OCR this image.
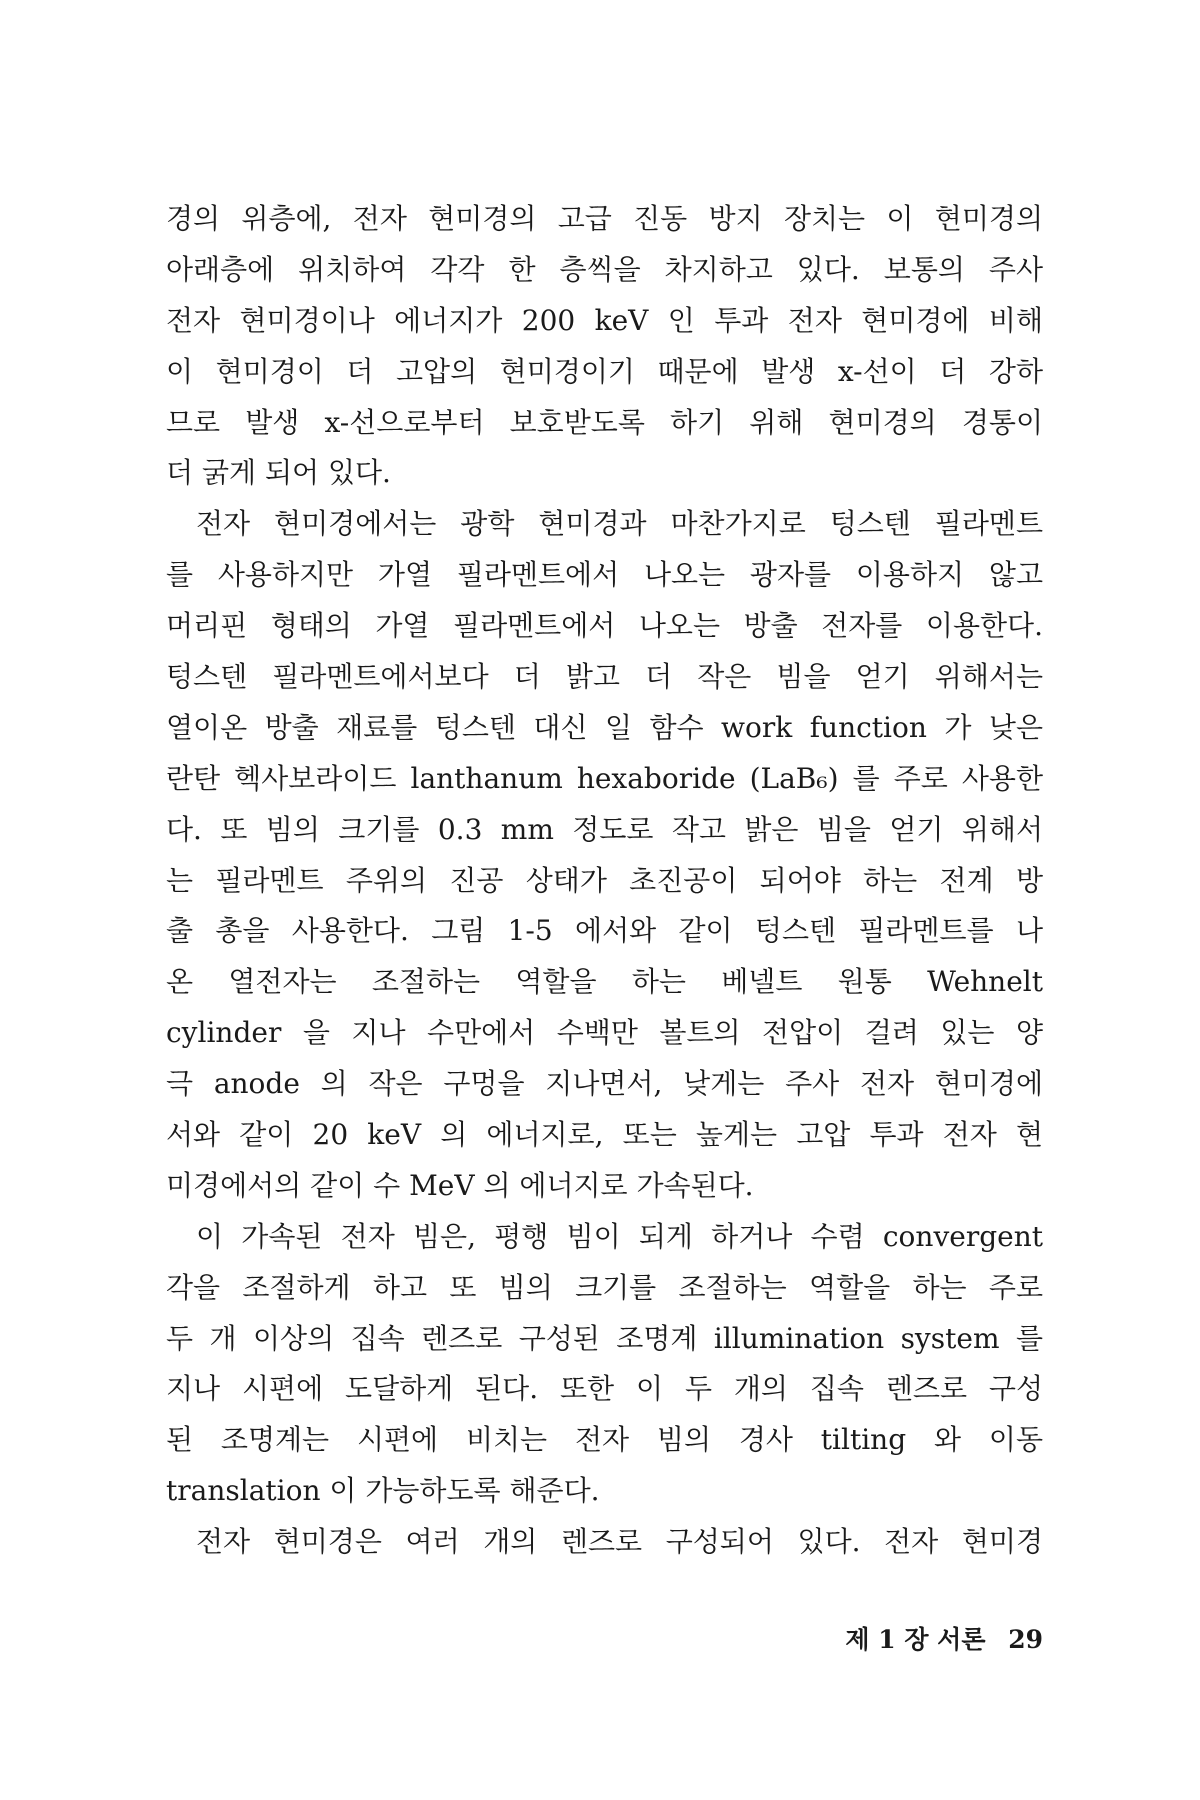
경의 위층에, 전자 현미경의 고급 진동 방지 장치는 이 현미경의
아래층에 위치하여 각각 한 층씩을 차지하고 있다. 보통의 주사
전자 현미경이나 에너지가 200 keV 인 투과 전자 현미경에 비해
이 현미경이 더 고압의 현미경이기 때문에 발생 x-선이 더 강하
므로 발생 x-선으로부터 보호받도록 하기 위해 현미경의 경통이
더 굵게 되어 있다.
전자 현미경에서는 광학 현미경과 마찬가지로 텅스텐 필라멘트
를 사용하지만 가열 필라멘트에서 나오는 광자를 이용하지 않고
머리핀 형태의 가열 필라멘트에서 나오는 방출 전자를 이용한다.
텅스텐 필라멘트에서보다 더 밝고 더 작은 빔을 얻기 위해서는
열이온 방출 재료를 텅스텐 대신 일 함수 work function 가 낮은
란탄 헥사보라이드 lanthanum hexaboride (LaB₆) 를 주로 사용한
다. 또 빔의 크기를 0.3 mm 정도로 작고 밝은 빔을 얻기 위해서
는 필라멘트 주위의 진공 상태가 초진공이 되어야 하는 전계 방
출 총을 사용한다. 그림 1-5 에서와 같이 텅스텐 필라멘트를 나
온 열전자는 조절하는 역할을 하는 베넬트 원통 Wehnelt
cylinder 을 지나 수만에서 수백만 볼트의 전압이 걸려 있는 양
극 anode 의 작은 구멍을 지나면서, 낮게는 주사 전자 현미경에
서와 같이 20 keV 의 에너지로, 또는 높게는 고압 투과 전자 현
미경에서의 같이 수 MeV 의 에너지로 가속된다.
이 가속된 전자 빔은, 평행 빔이 되게 하거나 수렴 convergent
각을 조절하게 하고 또 빔의 크기를 조절하는 역할을 하는 주로
두 개 이상의 집속 렌즈로 구성된 조명계 illumination system 를
지나 시편에 도달하게 된다. 또한 이 두 개의 집속 렌즈로 구성
된 조명계는 시편에 비치는 전자 빔의 경사 tilting 와 이동
translation 이 가능하도록 해준다.
전자 현미경은 여러 개의 렌즈로 구성되어 있다. 전자 현미경
제 1 장 서론 29
